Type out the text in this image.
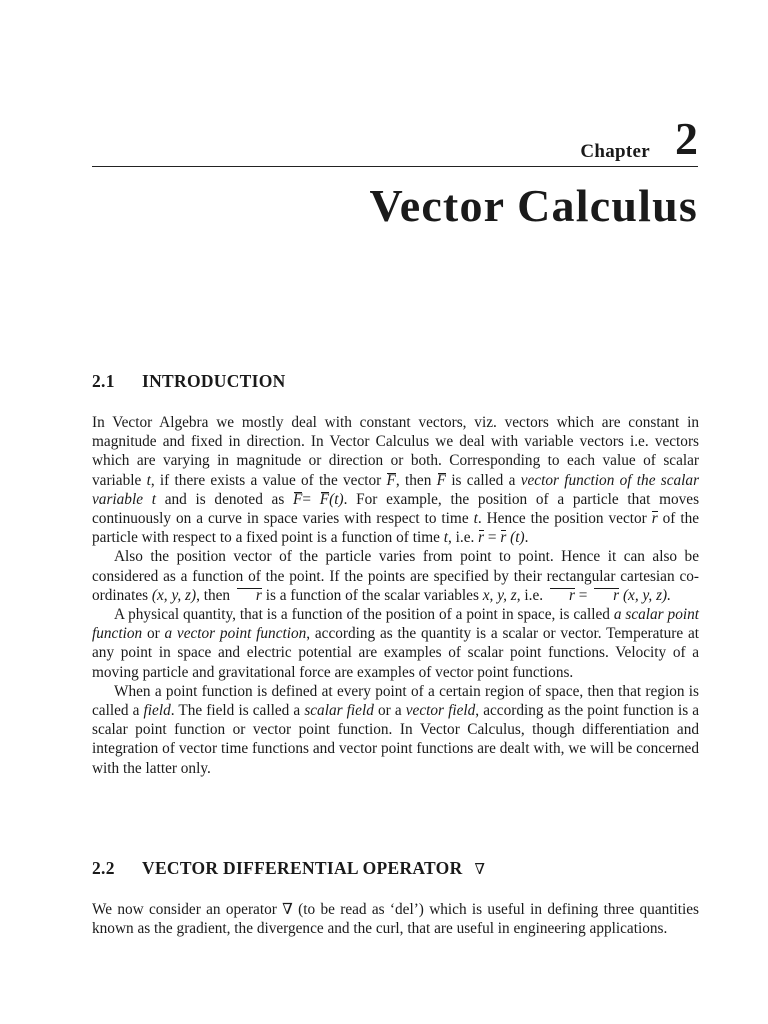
Chapter 2
Vector Calculus
2.1 INTRODUCTION

In Vector Algebra we mostly deal with constant vectors, viz. vectors which are constant in magnitude and fixed in direction. In Vector Calculus we deal with variable vectors i.e. vectors which are varying in magnitude or direction or both. Corresponding to each value of scalar variable t, if there exists a value of the vector F, then F is called a vector function of the scalar variable t and is denoted as F= F(t). For example, the position of a particle that moves continuously on a curve in space varies with respect to time t. Hence the position vector r of the particle with respect to a fixed point is a function of time t, i.e. r = r (t).

Also the position vector of the particle varies from point to point. Hence it can also be considered as a function of the point. If the points are specified by their rectangular cartesian co-ordinates (x, y, z), then r is a function of the scalar variables x, y, z, i.e. r = r (x, y, z).

A physical quantity, that is a function of the position of a point in space, is called a scalar point function or a vector point function, according as the quantity is a scalar or vector. Temperature at any point in space and electric potential are examples of scalar point functions. Velocity of a moving particle and gravitational force are examples of vector point functions.

When a point function is defined at every point of a certain region of space, then that region is called a field. The field is called a scalar field or a vector field, according as the point function is a scalar point function or vector point function. In Vector Calculus, though differentiation and integration of vector time functions and vector point functions are dealt with, we will be concerned with the latter only.

2.2 VECTOR DIFFERENTIAL OPERATOR ∇

We now consider an operator ∇ (to be read as ‘del’) which is useful in defining three quantities known as the gradient, the divergence and the curl, that are useful in engineering applications.
